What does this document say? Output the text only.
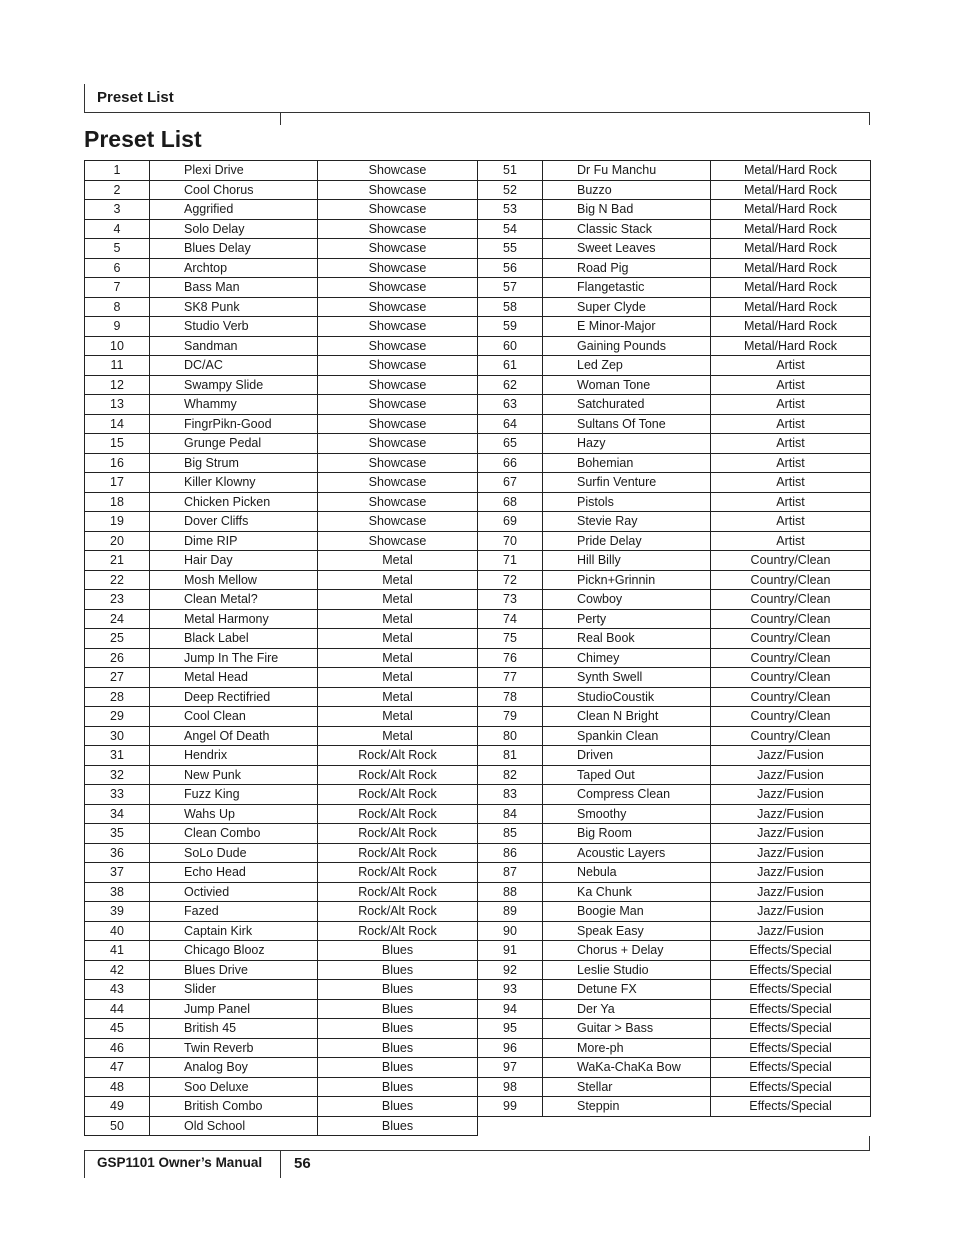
Preset List
Preset List
1	Plexi Drive	Showcase
2	Cool Chorus	Showcase
3	Aggrified	Showcase
4	Solo Delay	Showcase
5	Blues Delay	Showcase
6	Archtop	Showcase
7	Bass Man	Showcase
8	SK8 Punk	Showcase
9	Studio Verb	Showcase
10	Sandman	Showcase
11	DC/AC	Showcase
12	Swampy Slide	Showcase
13	Whammy	Showcase
14	FingrPikn-Good	Showcase
15	Grunge Pedal	Showcase
16	Big Strum	Showcase
17	Killer Klowny	Showcase
18	Chicken Picken	Showcase
19	Dover Cliffs	Showcase
20	Dime RIP	Showcase
21	Hair Day	Metal
22	Mosh Mellow	Metal
23	Clean Metal?	Metal
24	Metal Harmony	Metal
25	Black Label	Metal
26	Jump In The Fire	Metal
27	Metal Head	Metal
28	Deep Rectifried	Metal
29	Cool Clean	Metal
30	Angel Of Death	Metal
31	Hendrix	Rock/Alt Rock
32	New Punk	Rock/Alt Rock
33	Fuzz King	Rock/Alt Rock
34	Wahs Up	Rock/Alt Rock
35	Clean Combo	Rock/Alt Rock
36	SoLo Dude	Rock/Alt Rock
37	Echo Head	Rock/Alt Rock
38	Octivied	Rock/Alt Rock
39	Fazed	Rock/Alt Rock
40	Captain Kirk	Rock/Alt Rock
41	Chicago Blooz	Blues
42	Blues Drive	Blues
43	Slider	Blues
44	Jump Panel	Blues
45	British 45	Blues
46	Twin Reverb	Blues
47	Analog Boy	Blues
48	Soo Deluxe	Blues
49	British Combo	Blues
50	Old School	Blues
51	Dr Fu Manchu	Metal/Hard Rock
52	Buzzo	Metal/Hard Rock
53	Big N Bad	Metal/Hard Rock
54	Classic Stack	Metal/Hard Rock
55	Sweet Leaves	Metal/Hard Rock
56	Road Pig	Metal/Hard Rock
57	Flangetastic	Metal/Hard Rock
58	Super Clyde	Metal/Hard Rock
59	E Minor-Major	Metal/Hard Rock
60	Gaining Pounds	Metal/Hard Rock
61	Led Zep	Artist
62	Woman Tone	Artist
63	Satchurated	Artist
64	Sultans Of Tone	Artist
65	Hazy	Artist
66	Bohemian	Artist
67	Surfin Venture	Artist
68	Pistols	Artist
69	Stevie Ray	Artist
70	Pride Delay	Artist
71	Hill Billy	Country/Clean
72	Pickn+Grinnin	Country/Clean
73	Cowboy	Country/Clean
74	Perty	Country/Clean
75	Real Book	Country/Clean
76	Chimey	Country/Clean
77	Synth Swell	Country/Clean
78	StudioCoustik	Country/Clean
79	Clean N Bright	Country/Clean
80	Spankin Clean	Country/Clean
81	Driven	Jazz/Fusion
82	Taped Out	Jazz/Fusion
83	Compress Clean	Jazz/Fusion
84	Smoothy	Jazz/Fusion
85	Big Room	Jazz/Fusion
86	Acoustic Layers	Jazz/Fusion
87	Nebula	Jazz/Fusion
88	Ka Chunk	Jazz/Fusion
89	Boogie Man	Jazz/Fusion
90	Speak Easy	Jazz/Fusion
91	Chorus + Delay	Effects/Special
92	Leslie Studio	Effects/Special
93	Detune FX	Effects/Special
94	Der Ya	Effects/Special
95	Guitar > Bass	Effects/Special
96	More-ph	Effects/Special
97	WaKa-ChaKa Bow	Effects/Special
98	Stellar	Effects/Special
99	Steppin	Effects/Special
GSP1101 Owner’s Manual 56
